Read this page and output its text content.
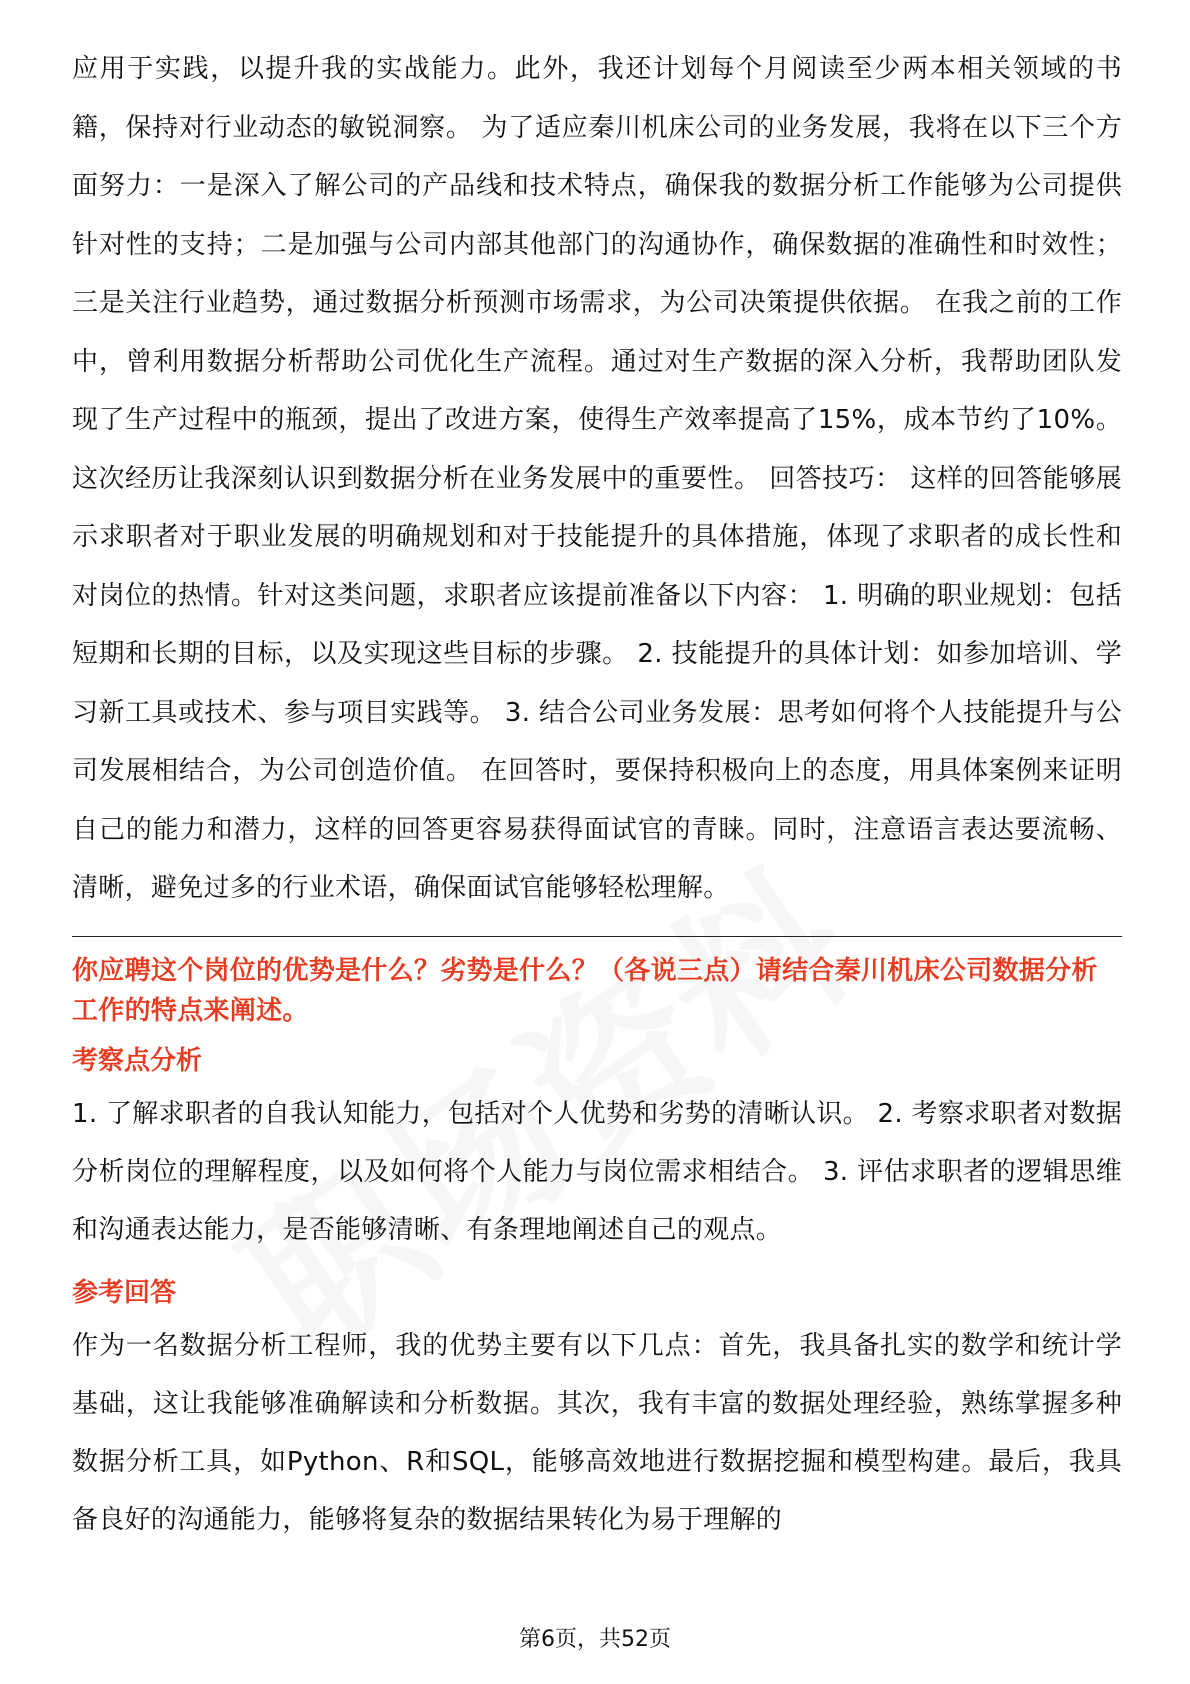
应用于实践，以提升我的实战能力。此外，我还计划每个月阅读至少两本相关领域的书籍，保持对行业动态的敏锐洞察。 为了适应秦川机床公司的业务发展，我将在以下三个方面努力：一是深入了解公司的产品线和技术特点，确保我的数据分析工作能够为公司提供针对性的支持；二是加强与公司内部其他部门的沟通协作，确保数据的准确性和时效性；三是关注行业趋势，通过数据分析预测市场需求，为公司决策提供依据。 在我之前的工作中，曾利用数据分析帮助公司优化生产流程。通过对生产数据的深入分析，我帮助团队发现了生产过程中的瓶颈，提出了改进方案，使得生产效率提高了15%，成本节约了10%。这次经历让我深刻认识到数据分析在业务发展中的重要性。 回答技巧： 这样的回答能够展示求职者对于职业发展的明确规划和对于技能提升的具体措施，体现了求职者的成长性和对岗位的热情。针对这类问题，求职者应该提前准备以下内容： 1. 明确的职业规划：包括短期和长期的目标，以及实现这些目标的步骤。 2. 技能提升的具体计划：如参加培训、学习新工具或技术、参与项目实践等。 3. 结合公司业务发展：思考如何将个人技能提升与公司发展相结合，为公司创造价值。 在回答时，要保持积极向上的态度，用具体案例来证明自己的能力和潜力，这样的回答更容易获得面试官的青睐。同时，注意语言表达要流畅、清晰，避免过多的行业术语，确保面试官能够轻松理解。

你应聘这个岗位的优势是什么？劣势是什么？（各说三点）请结合秦川机床公司数据分析工作的特点来阐述。

考察点分析

1. 了解求职者的自我认知能力，包括对个人优势和劣势的清晰认识。 2. 考察求职者对数据分析岗位的理解程度，以及如何将个人能力与岗位需求相结合。 3. 评估求职者的逻辑思维和沟通表达能力，是否能够清晰、有条理地阐述自己的观点。

参考回答

作为一名数据分析工程师，我的优势主要有以下几点：首先，我具备扎实的数学和统计学基础，这让我能够准确解读和分析数据。其次，我有丰富的数据处理经验，熟练掌握多种数据分析工具，如Python、R和SQL，能够高效地进行数据挖掘和模型构建。最后，我具备良好的沟通能力，能够将复杂的数据结果转化为易于理解的

第6页，共52页
